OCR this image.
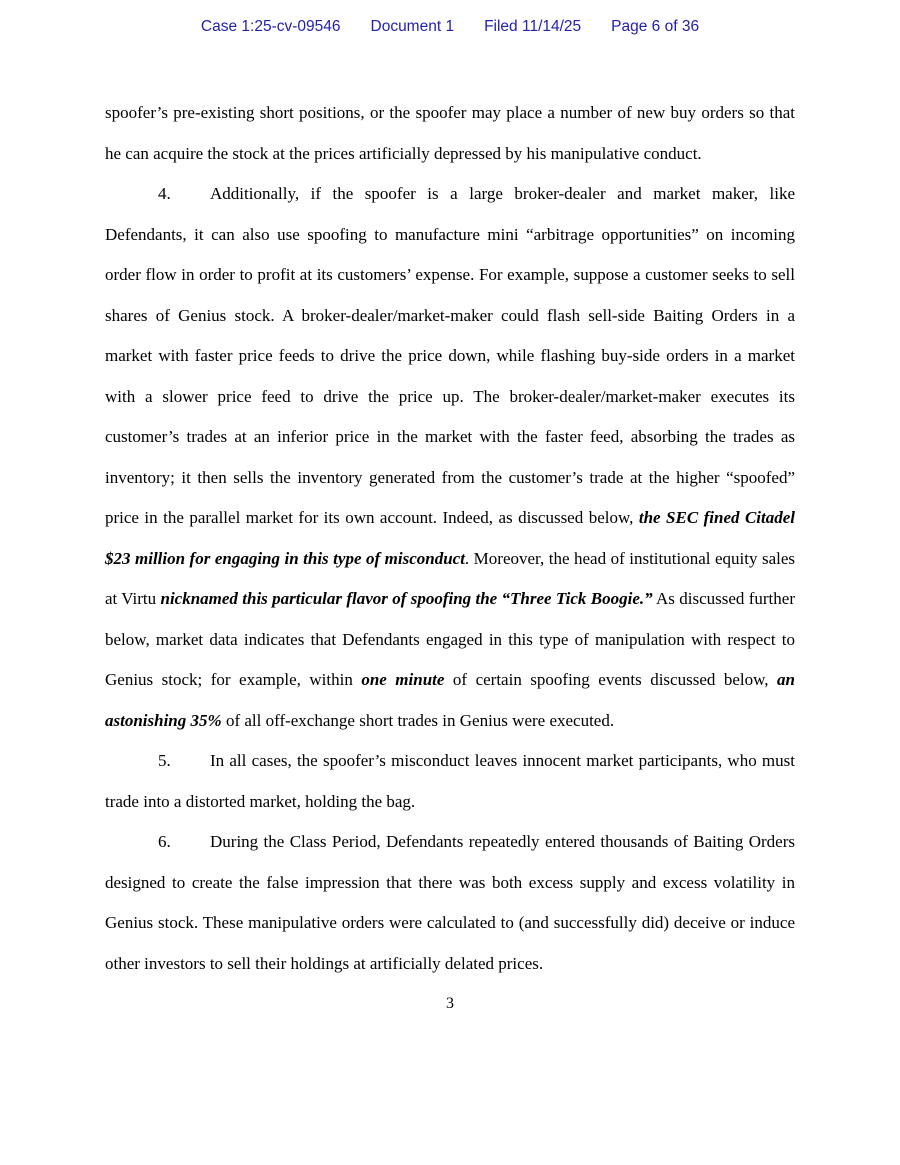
Case 1:25-cv-09546 Document 1 Filed 11/14/25 Page 6 of 36

spoofer’s pre-existing short positions, or the spoofer may place a number of new buy orders so that he can acquire the stock at the prices artificially depressed by his manipulative conduct.

4. Additionally, if the spoofer is a large broker-dealer and market maker, like Defendants, it can also use spoofing to manufacture mini “arbitrage opportunities” on incoming order flow in order to profit at its customers’ expense. For example, suppose a customer seeks to sell shares of Genius stock. A broker-dealer/market-maker could flash sell-side Baiting Orders in a market with faster price feeds to drive the price down, while flashing buy-side orders in a market with a slower price feed to drive the price up. The broker-dealer/market-maker executes its customer’s trades at an inferior price in the market with the faster feed, absorbing the trades as inventory; it then sells the inventory generated from the customer’s trade at the higher “spoofed” price in the parallel market for its own account. Indeed, as discussed below, the SEC fined Citadel $23 million for engaging in this type of misconduct. Moreover, the head of institutional equity sales at Virtu nicknamed this particular flavor of spoofing the “Three Tick Boogie.” As discussed further below, market data indicates that Defendants engaged in this type of manipulation with respect to Genius stock; for example, within one minute of certain spoofing events discussed below, an astonishing 35% of all off-exchange short trades in Genius were executed.

5. In all cases, the spoofer’s misconduct leaves innocent market participants, who must trade into a distorted market, holding the bag.

6. During the Class Period, Defendants repeatedly entered thousands of Baiting Orders designed to create the false impression that there was both excess supply and excess volatility in Genius stock. These manipulative orders were calculated to (and successfully did) deceive or induce other investors to sell their holdings at artificially delated prices.

3
